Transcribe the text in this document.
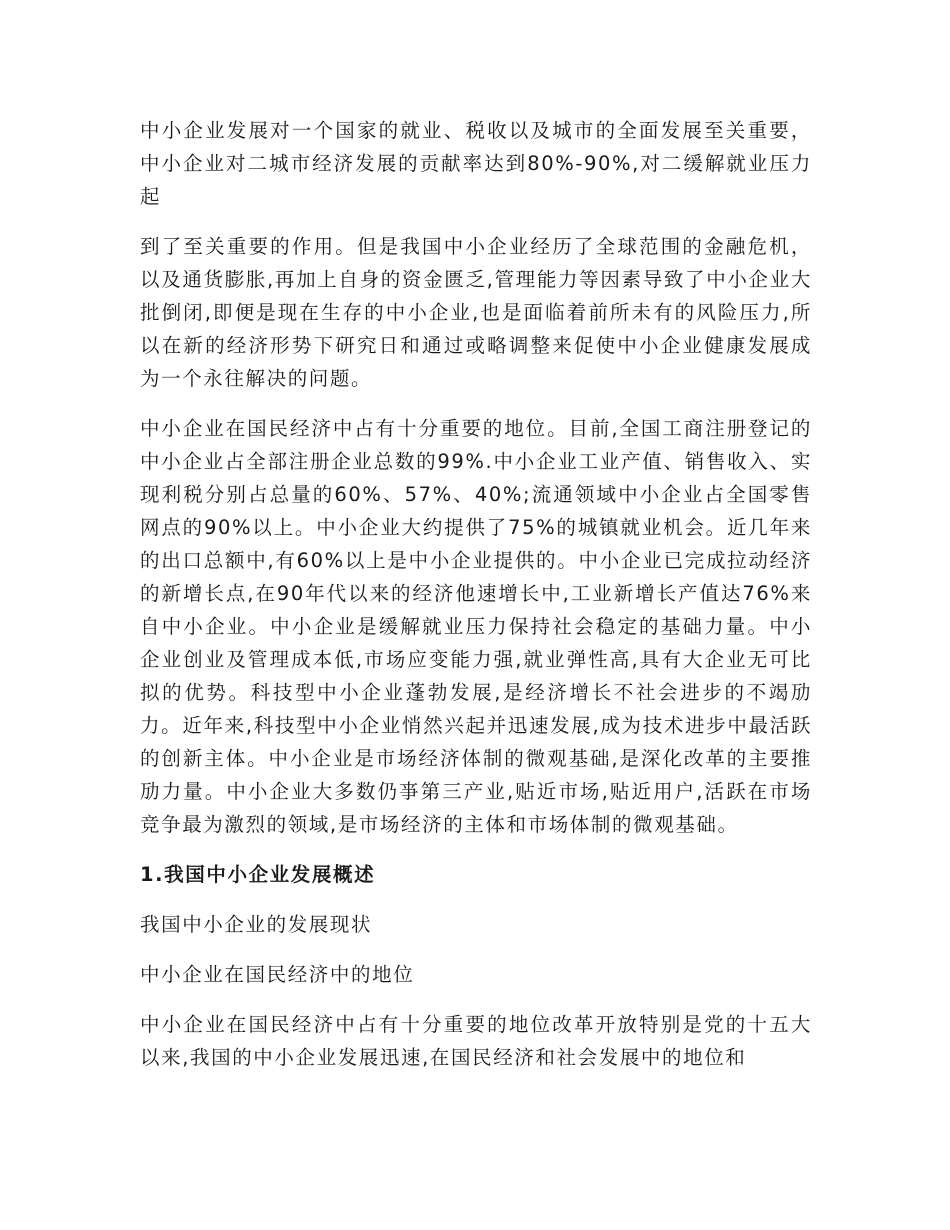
中小企业发展对一个国家的就业、税收以及城市的全面发展至关重要，中小企业对二城市经济发展的贡献率达到80%-90%,对二缓解就业压力起

到了至关重要的作用。但是我国中小企业经历了全球范围的金融危机，以及通货膨胀,再加上自身的资金匮乏,管理能力等因素导致了中小企业大批倒闭,即便是现在生存的中小企业,也是面临着前所未有的风险压力,所以在新的经济形势下研究日和通过或略调整来促使中小企业健康发展成为一个永往解决的问题。

中小企业在国民经济中占有十分重要的地位。目前,全国工商注册登记的中小企业占全部注册企业总数的99%.中小企业工业产值、销售收入、实现利税分别占总量的60%、57%、40%;流通领域中小企业占全国零售网点的90%以上。中小企业大约提供了75%的城镇就业机会。近几年来的出口总额中,有60%以上是中小企业提供的。中小企业已完成拉动经济的新增长点,在90年代以来的经济他速增长中,工业新增长产值达76%来自中小企业。中小企业是缓解就业压力保持社会稳定的基础力量。中小企业创业及管理成本低,市场应变能力强,就业弹性高,具有大企业无可比拟的优势。科技型中小企业蓬勃发展,是经济增长不社会进步的不竭劢力。近年来,科技型中小企业悄然兴起并迅速发展,成为技术进步中最活跃的创新主体。中小企业是市场经济体制的微观基础,是深化改革的主要推劢力量。中小企业大多数仍亊第三产业,贴近市场,贴近用户,活跃在市场竞争最为激烈的领域,是市场经济的主体和市场体制的微观基础。

1.我国中小企业发展概述

我国中小企业的发展现状

中小企业在国民经济中的地位

中小企业在国民经济中占有十分重要的地位改革开放特别是党的十五大以来,我国的中小企业发展迅速,在国民经济和社会发展中的地位和
